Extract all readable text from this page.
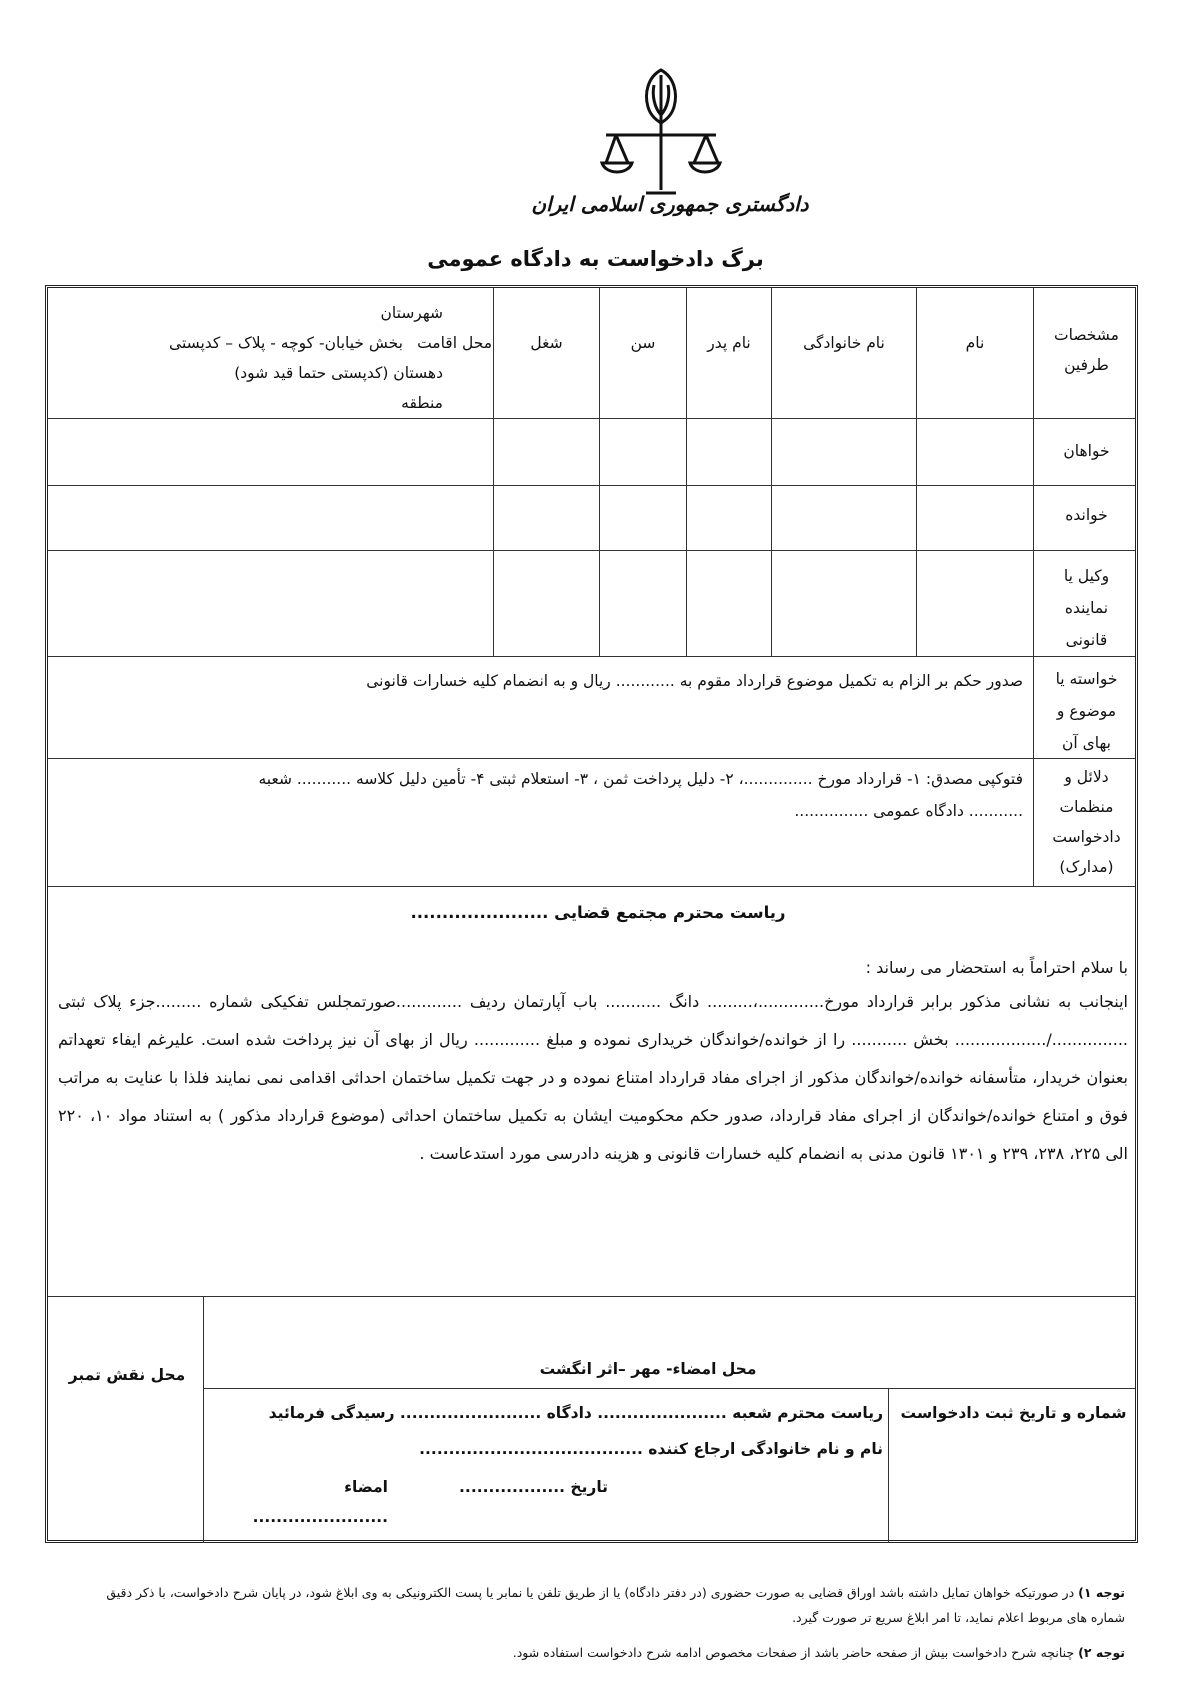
دادگستری جمهوری اسلامی ایران
برگ دادخواست به دادگاه عمومی
مشخصات طرفین
نام
نام خانوادگی
نام پدر
سن
شغل
محل اقامت
شهرستان
بخش خیابان- کوچه - پلاک – کدپستی
دهستان (کدپستی حتما قید شود)
منطقه
خواهان
خوانده
وکیل یا نماینده قانونی
خواسته یا موضوع و بهای آن
صدور حکم بر الزام به تکمیل موضوع قرارداد مقوم به ............ ریال و به انضمام کلیه خسارات قانونی
دلائل و منظمات دادخواست (مدارک)
فتوکپی مصدق: ۱- قرارداد مورخ ..............، ۲- دلیل پرداخت ثمن ، ۳- استعلام ثبتی ۴- تأمین دلیل کلاسه ........... شعبه
........... دادگاه عمومی ...............
ریاست محترم مجتمع قضایی ......................
با سلام احتراماً به استحضار می رساند :
اینجانب به نشانی مذکور برابر قرارداد مورخ.............،......... دانگ ........... باب آپارتمان ردیف .............صورتمجلس تفکیکی شماره .........جزء پلاک ثبتی .............../.................. بخش ........... را از خوانده/خواندگان خریداری نموده و مبلغ ............. ریال از بهای آن نیز پرداخت شده است. علیرغم ایفاء تعهداتم بعنوان خریدار، متأسفانه خوانده/خواندگان مذکور از اجرای مفاد قرارداد امتناع نموده و در جهت تکمیل ساختمان احداثی اقدامی نمی نمایند فلذا با عنایت به مراتب فوق و امتناع خوانده/خواندگان از اجرای مفاد قرارداد، صدور حکم محکومیت ایشان به تکمیل ساختمان احداثی (موضوع قرارداد مذکور ) به استناد مواد ۱۰، ۲۲۰ الی ۲۲۵، ۲۳۸، ۲۳۹ و ۱۳۰۱ قانون مدنی به انضمام کلیه خسارات قانونی و هزینه دادرسی مورد استدعاست .
محل نقش تمبر	محل امضاء- مهر –اثر انگشت
شماره و تاریخ ثبت دادخواست
ریاست محترم شعبه ...................... دادگاه ........................ رسیدگی فرمائید
نام و نام خانوادگی ارجاع کننده ......................................
تاریخ ..................
امضاء .......................
توجه ۱) در صورتیکه خواهان تمایل داشته باشد اوراق قضایی به صورت حضوری (در دفتر دادگاه) یا از طریق تلفن یا نمابر یا پست الکترونیکی به وی ابلاغ شود، در پایان شرح دادخواست، با ذکر دقیق شماره های مربوط اعلام نماید، تا امر ابلاغ سریع تر صورت گیرد.
توجه ۲) چنانچه شرح دادخواست بیش از صفحه حاضر باشد از صفحات مخصوص ادامه شرح دادخواست استفاده شود.
